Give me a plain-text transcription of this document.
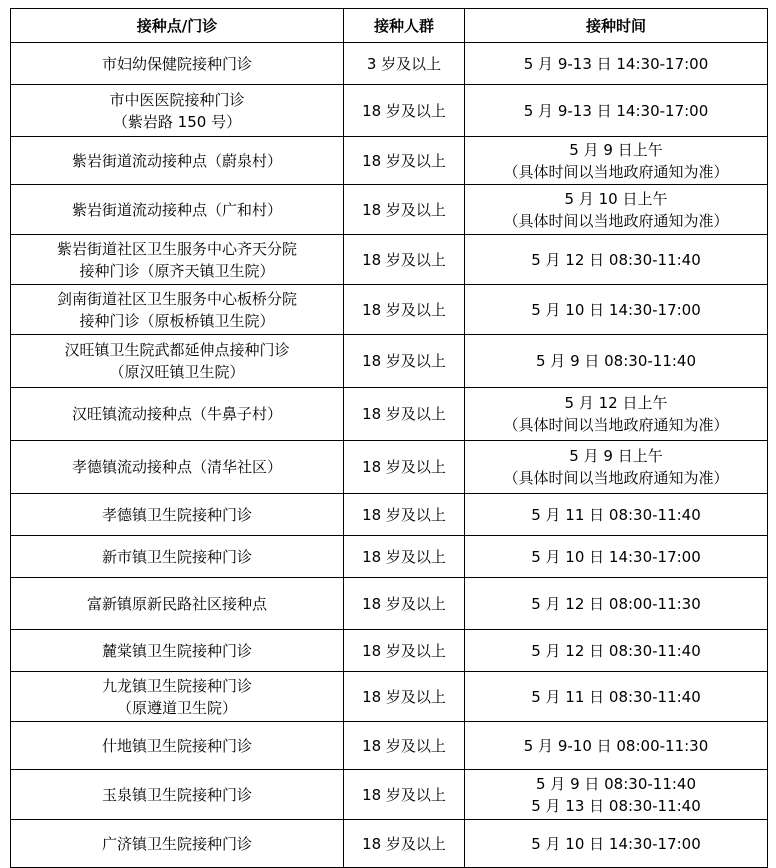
接种点/门诊	接种人群	接种时间

市妇幼保健院接种门诊	3 岁及以上	5 月 9-13 日 14:30-17:00

市中医医院接种门诊
（紫岩路 150 号）	18 岁及以上	5 月 9-13 日 14:30-17:00

紫岩街道流动接种点（蔚泉村）	18 岁及以上	5 月 9 日上午
（具体时间以当地政府通知为准）

紫岩街道流动接种点（广和村）	18 岁及以上	5 月 10 日上午
（具体时间以当地政府通知为准）

紫岩街道社区卫生服务中心齐天分院
接种门诊（原齐天镇卫生院）	18 岁及以上	5 月 12 日 08:30-11:40

剑南街道社区卫生服务中心板桥分院
接种门诊（原板桥镇卫生院）	18 岁及以上	5 月 10 日 14:30-17:00

汉旺镇卫生院武都延伸点接种门诊
（原汉旺镇卫生院）	18 岁及以上	5 月 9 日 08:30-11:40

汉旺镇流动接种点（牛鼻子村）	18 岁及以上	5 月 12 日上午
（具体时间以当地政府通知为准）

孝德镇流动接种点（清华社区）	18 岁及以上	5 月 9 日上午
（具体时间以当地政府通知为准）

孝德镇卫生院接种门诊	18 岁及以上	5 月 11 日 08:30-11:40

新市镇卫生院接种门诊	18 岁及以上	5 月 10 日 14:30-17:00

富新镇原新民路社区接种点	18 岁及以上	5 月 12 日 08:00-11:30

麓棠镇卫生院接种门诊	18 岁及以上	5 月 12 日 08:30-11:40

九龙镇卫生院接种门诊
（原遵道卫生院）	18 岁及以上	5 月 11 日 08:30-11:40

什地镇卫生院接种门诊	18 岁及以上	5 月 9-10 日 08:00-11:30

玉泉镇卫生院接种门诊	18 岁及以上	5 月 9 日 08:30-11:40
5 月 13 日 08:30-11:40

广济镇卫生院接种门诊	18 岁及以上	5 月 10 日 14:30-17:00
